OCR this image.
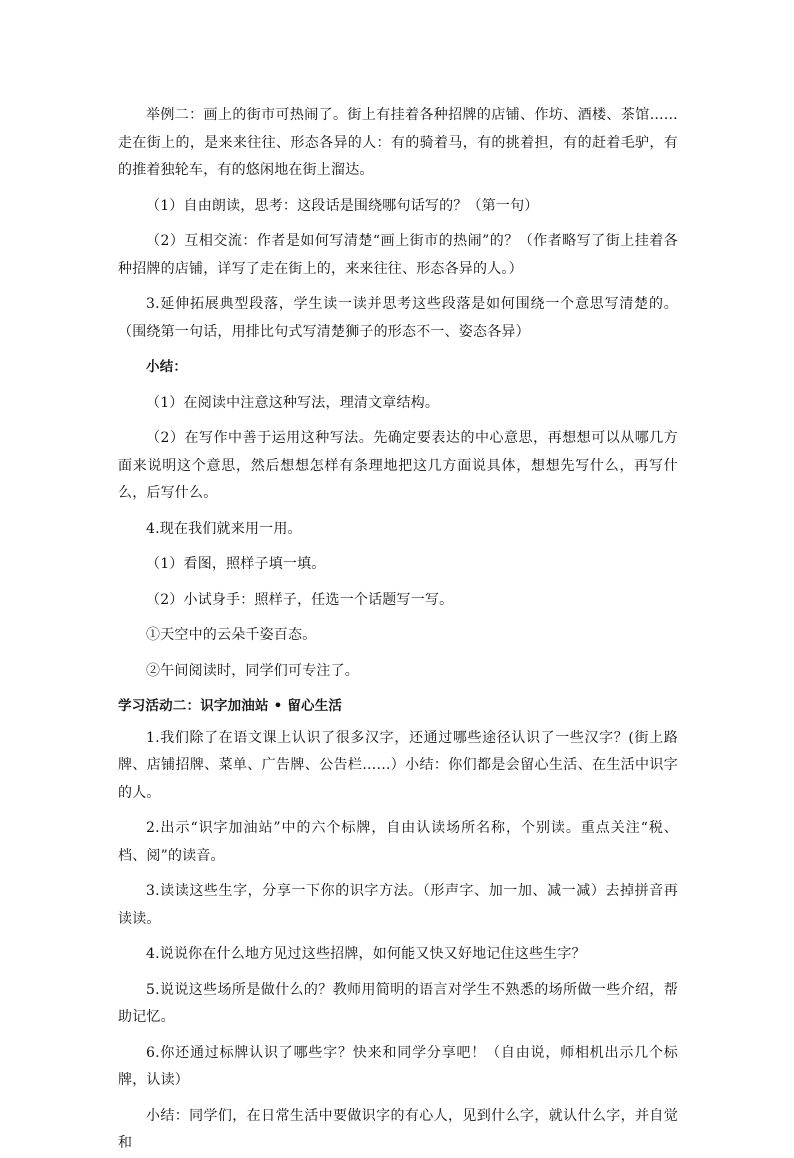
举例二：画上的街市可热闹了。街上有挂着各种招牌的店铺、作坊、酒楼、茶馆……走在街上的，是来来往往、形态各异的人：有的骑着马，有的挑着担，有的赶着毛驴，有的推着独轮车，有的悠闲地在街上溜达。

（1）自由朗读，思考：这段话是围绕哪句话写的？（第一句）

（2）互相交流：作者是如何写清楚“画上街市的热闹”的？（作者略写了街上挂着各种招牌的店铺，详写了走在街上的，来来往往、形态各异的人。）

3.延伸拓展典型段落，学生读一读并思考这些段落是如何围绕一个意思写清楚的。（围绕第一句话，用排比句式写清楚狮子的形态不一、姿态各异）

小结：

（1）在阅读中注意这种写法，理清文章结构。

（2）在写作中善于运用这种写法。先确定要表达的中心意思，再想想可以从哪几方面来说明这个意思，然后想想怎样有条理地把这几方面说具体，想想先写什么，再写什么，后写什么。

4.现在我们就来用一用。

（1）看图，照样子填一填。

（2）小试身手：照样子，任选一个话题写一写。

①天空中的云朵千姿百态。

②午间阅读时，同学们可专注了。

学习活动二：识字加油站 • 留心生活

1.我们除了在语文课上认识了很多汉字，还通过哪些途径认识了一些汉字？(街上路牌、店铺招牌、菜单、广告牌、公告栏……）小结：你们都是会留心生活、在生活中识字的人。

2.出示“识字加油站”中的六个标牌，自由认读场所名称，个别读。重点关注“税、档、阅”的读音。

3.读读这些生字，分享一下你的识字方法。（形声字、加一加、减一减）去掉拼音再读读。

4.说说你在什么地方见过这些招牌，如何能又快又好地记住这些生字？

5.说说这些场所是做什么的？教师用简明的语言对学生不熟悉的场所做一些介绍，帮助记忆。

6.你还通过标牌认识了哪些字？快来和同学分享吧！（自由说，师相机出示几个标牌，认读）

小结：同学们，在日常生活中要做识字的有心人，见到什么字，就认什么字，并自觉和
